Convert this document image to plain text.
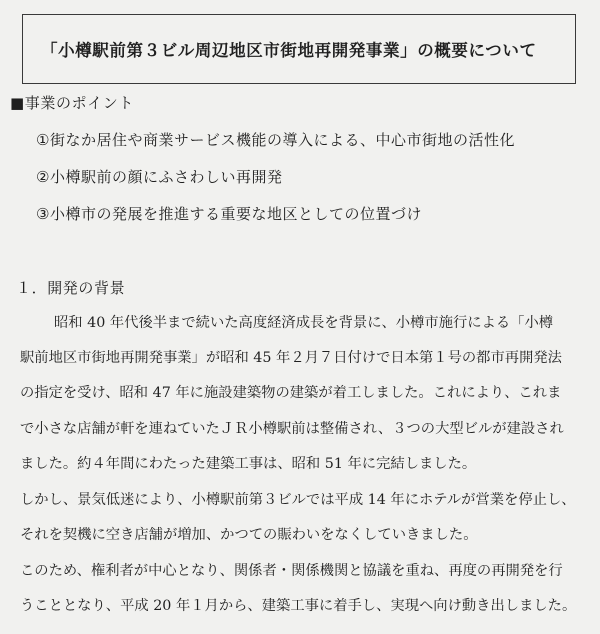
「小樽駅前第３ビル周辺地区市街地再開発事業」の概要について
■事業のポイント
①街なか居住や商業サービス機能の導入による、中心市街地の活性化
②小樽駅前の顔にふさわしい再開発
③小樽市の発展を推進する重要な地区としての位置づけ
１．開発の背景
昭和 40 年代後半まで続いた高度経済成長を背景に、小樽市施行による「小樽
駅前地区市街地再開発事業」が昭和 45 年２月７日付けで日本第１号の都市再開発法
の指定を受け、昭和 47 年に施設建築物の建築が着工しました。これにより、これま
で小さな店舗が軒を連ねていたＪＲ小樽駅前は整備され、３つの大型ビルが建設され
ました。約４年間にわたった建築工事は、昭和 51 年に完結しました。
しかし、景気低迷により、小樽駅前第３ビルでは平成 14 年にホテルが営業を停止し、
それを契機に空き店舗が増加、かつての賑わいをなくしていきました。
このため、権利者が中心となり、関係者・関係機関と協議を重ね、再度の再開発を行
うこととなり、平成 20 年１月から、建築工事に着手し、実現へ向け動き出しました。
